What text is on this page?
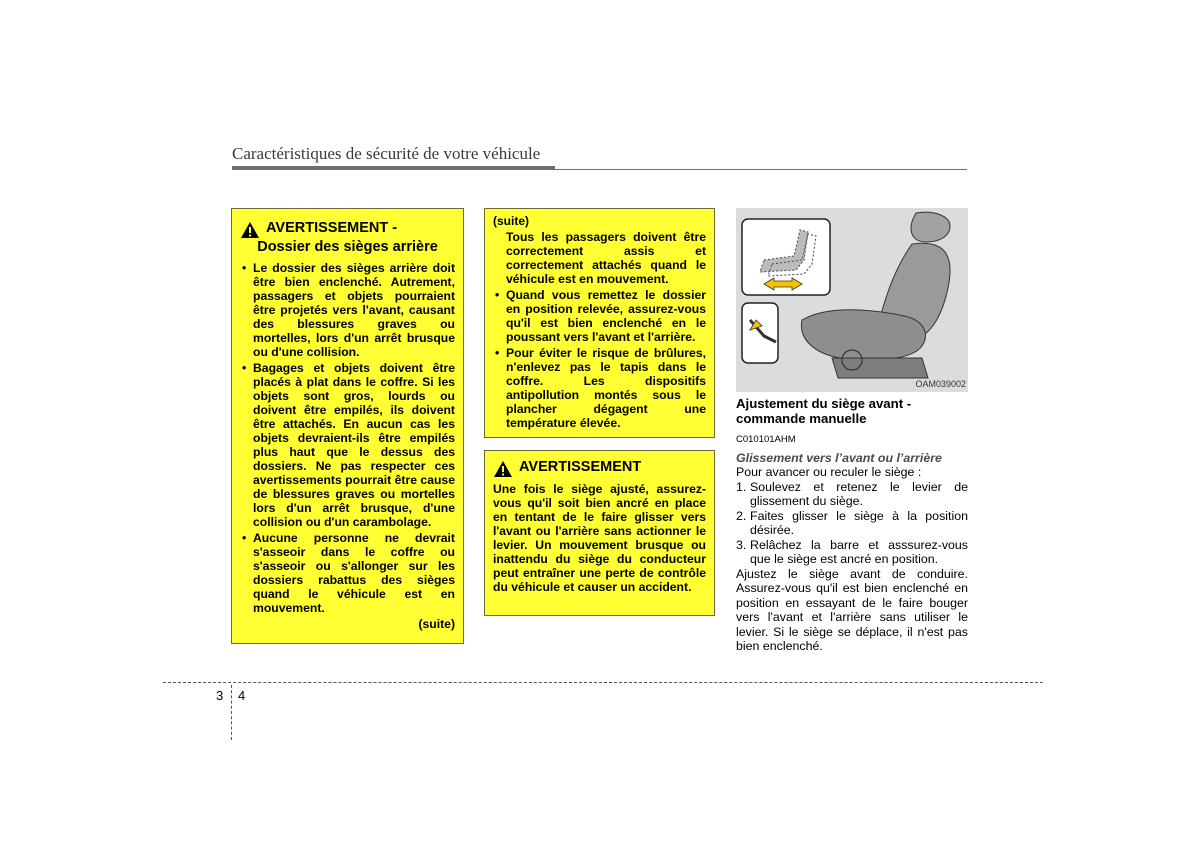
Caractéristiques de sécurité de votre véhicule
AVERTISSEMENT -
Dossier des sièges arrière
• Le dossier des sièges arrière doit être bien enclenché. Autrement, passagers et objets pourraient être projetés vers l'avant, causant des blessures graves ou mortelles, lors d'un arrêt brusque ou d'une collision.
• Bagages et objets doivent être placés à plat dans le coffre. Si les objets sont gros, lourds ou doivent être empilés, ils doivent être attachés. En aucun cas les objets devraient-ils être empilés plus haut que le dessus des dossiers. Ne pas respecter ces avertissements pourrait être cause de blessures graves ou mortelles lors d'un arrêt brusque, d'une collision ou d'un carambolage.
• Aucune personne ne devrait s'asseoir dans le coffre ou s'asseoir ou s'allonger sur les dossiers rabattus des sièges quand le véhicule est en mouvement.
(suite)
(suite)
Tous les passagers doivent être correctement assis et correctement attachés quand le véhicule est en mouvement.
• Quand vous remettez le dossier en position relevée, assurez-vous qu'il est bien enclenché en le poussant vers l'avant et l'arrière.
• Pour éviter le risque de brûlures, n'enlevez pas le tapis dans le coffre. Les dispositifs antipollution montés sous le plancher dégagent une température élevée.
AVERTISSEMENT

Une fois le siège ajusté, assurez-vous qu'il soit bien ancré en place en tentant de le faire glisser vers l'avant ou l'arrière sans actionner le levier. Un mouvement brusque ou inattendu du siège du conducteur peut entraîner une perte de contrôle du véhicule et causer un accident.

OAM039002

Ajustement du siège avant - commande manuelle

C010101AHM

Glissement vers l’avant ou l’arrière

Pour avancer ou reculer le siège :

1. Soulevez et retenez le levier de glissement du siège.
2. Faites glisser le siège à la position désirée.
3. Relâchez la barre et asssurez-vous que le siège est ancré en position.

Ajustez le siège avant de conduire. Assurez-vous qu'il est bien enclenché en position en essayant de le faire bouger vers l'avant et l'arrière sans utiliser le levier. Si le siège se déplace, il n'est pas bien enclenché.

3 4
